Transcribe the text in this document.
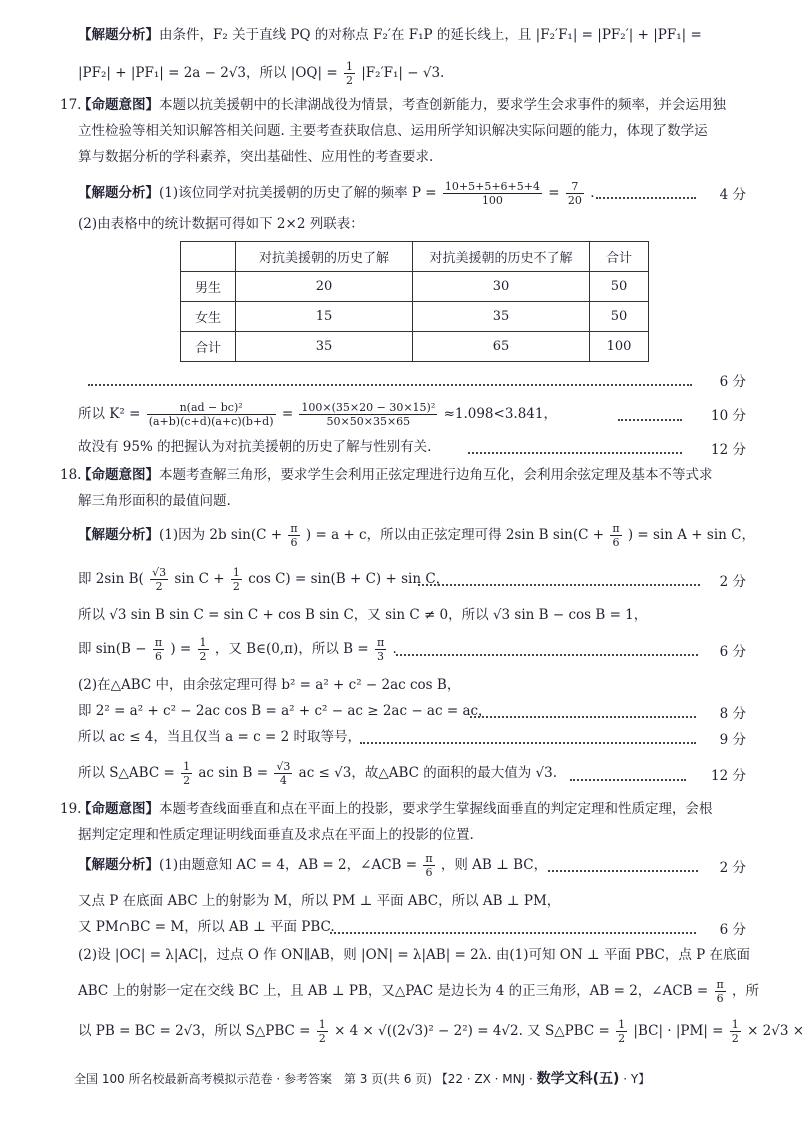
【解题分析】由条件，F₂ 关于直线 PQ 的对称点 F₂′在 F₁P 的延长线上，且 |F₂′F₁| = |PF₂′| + |PF₁| =
|PF₂| + |PF₁| = 2a − 2√3，所以 $|OQ| = \frac{1}{2} |F_2'F_1| - √3$.
17.
【命题意图】本题以抗美援朝中的长津湖战役为情景，考查创新能力，要求学生会求事件的频率，并会运用独
立性检验等相关知识解答相关问题. 主要考查获取信息、运用所学知识解决实际问题的能力，体现了数学运
算与数据分析的学科素养，突出基础性、应用性的考查要求.
【解题分析】(1)该位同学对抗美援朝的历史了解的频率 $P = \frac{10+5+5+6+5+4}{100} = \frac{7}{20}$ .	4 分
(2)由表格中的统计数据可得如下 2×2 列联表：
	对抗美援朝的历史了解	对抗美援朝的历史不了解	合计
男生	20	30	50
女生	15	35	50
合计	35	65	100
6 分
所以 $K^2 = \frac{\text{n(ad − bc)²}}{(a+b)(c+d)(a+c)(b+d)} = \frac{\text{100×(35×20 − 30×15)²}}{50\times 50\times 35\times 65} \approx 1.098<3.841$，	10 分
故没有 95% 的把握认为对抗美援朝的历史了解与性别有关.	12 分
18.
【命题意图】本题考查解三角形，要求学生会利用正弦定理进行边角互化，会利用余弦定理及基本不等式求
解三角形面积的最值问题.
【解题分析】(1)因为 2b $\sin(C + \frac{\pi}{6}$ ) = a + c，所以由正弦定理可得 2sin B $\sin(C + \frac{\pi}{6}$ ) = sin A + sin C，
即 2sin $B( \frac{√3}{2}$ $\sin C + \frac{1}{2}$ cos C) = sin(B + C) + sin C，	2 分
所以 √3 sin B sin C = sin C + cos B sin C，又 sin C ≠ 0，所以 √3 sin B − cos B = 1，
即 $\sin(B - \frac{\pi}{6}$ ) = $\frac{1}{2}$ ，又 B∈(0,π)，所以 $B = \frac{\pi}{3}$ .	6 分
(2)在△ABC 中，由余弦定理可得 b² = a² + c² − 2ac cos B，
即 2² = a² + c² − 2ac cos B = a² + c² − ac ≥ 2ac − ac = ac，	8 分
所以 ac ≤ 4，当且仅当 a = c = 2 时取等号，	9 分
所以 S△ABC = $\frac{1}{2}$ ac $\sin B = \frac{√3}{4}$ ac ≤ √3，故△ABC 的面积的最大值为 √3.	12 分
19.
【命题意图】本题考查线面垂直和点在平面上的投影，要求学生掌握线面垂直的判定定理和性质定理，会根
据判定定理和性质定理证明线面垂直及求点在平面上的投影的位置.
【解题分析】(1)由题意知 AC = 4，AB = 2，∠ACB = $\frac{\pi}{6}$ ，则 AB ⊥ BC，	2 分
又点 P 在底面 ABC 上的射影为 M，所以 PM ⊥ 平面 ABC，所以 AB ⊥ PM，
又 PM∩BC = M，所以 AB ⊥ 平面 PBC.	6 分
(2)设 |OC| = λ|AC|，过点 O 作 ON∥AB，则 |ON| = λ|AB| = 2λ. 由(1)可知 ON ⊥ 平面 PBC，点 P 在底面
ABC 上的射影一定在交线 BC 上，且 AB ⊥ PB，又△PAC 是边长为 4 的正三角形，AB = 2，∠ACB = $\frac{\pi}{6}$ ，所
以 PB = BC = 2√3，所以 S△PBC = $\frac{1}{2} \times 4 \times √((2√3)^2 - 2^2) = 4√2$. 又 S△PBC = $\frac{1}{2} |BC| \cdot |PM| = \frac{1}{2} \times 2√3$ ×
全国 100 所名校最新高考模拟示范卷 · 参考答案　第 3 页(共 6 页) 【22 · ZX · MNJ · 数学文科(五) · Y】
